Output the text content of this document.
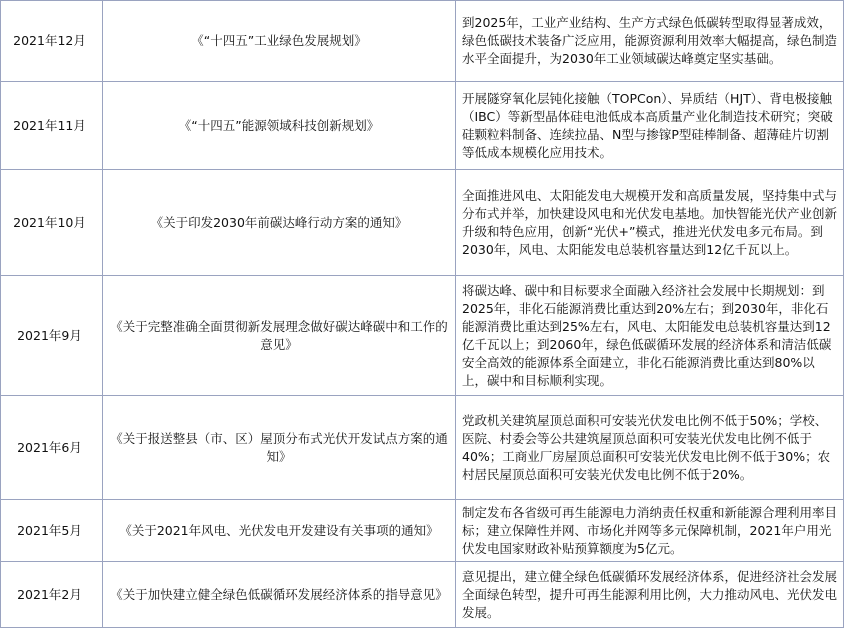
2021年12月	《“十四五”工业绿色发展规划》	到2025年，工业产业结构、生产方式绿色低碳转型取得显著成效，绿色低碳技术装备广泛应用，能源资源利用效率大幅提高，绿色制造水平全面提升，为2030年工业领域碳达峰奠定坚实基础。
2021年11月	《“十四五”能源领域科技创新规划》	开展隧穿氧化层钝化接触（TOPCon）、异质结（HJT）、背电极接触（IBC）等新型晶体硅电池低成本高质量产业化制造技术研究；突破硅颗粒料制备、连续拉晶、N型与掺镓P型硅棒制备、超薄硅片切割等低成本规模化应用技术。
2021年10月	《关于印发2030年前碳达峰行动方案的通知》	全面推进风电、太阳能发电大规模开发和高质量发展，坚持集中式与分布式并举，加快建设风电和光伏发电基地。加快智能光伏产业创新升级和特色应用，创新“光伏+”模式，推进光伏发电多元布局。到2030年，风电、太阳能发电总装机容量达到12亿千瓦以上。
2021年9月	《关于完整准确全面贯彻新发展理念做好碳达峰碳中和工作的意见》	将碳达峰、碳中和目标要求全面融入经济社会发展中长期规划：到2025年，非化石能源消费比重达到20%左右；到2030年，非化石能源消费比重达到25%左右，风电、太阳能发电总装机容量达到12亿千瓦以上；到2060年，绿色低碳循环发展的经济体系和清洁低碳安全高效的能源体系全面建立，非化石能源消费比重达到80%以上，碳中和目标顺利实现。
2021年6月	《关于报送整县（市、区）屋顶分布式光伏开发试点方案的通知》	党政机关建筑屋顶总面积可安装光伏发电比例不低于50%；学校、医院、村委会等公共建筑屋顶总面积可安装光伏发电比例不低于40%；工商业厂房屋顶总面积可安装光伏发电比例不低于30%；农村居民屋顶总面积可安装光伏发电比例不低于20%。
2021年5月	《关于2021年风电、光伏发电开发建设有关事项的通知》	制定发布各省级可再生能源电力消纳责任权重和新能源合理利用率目标；建立保障性并网、市场化并网等多元保障机制，2021年户用光伏发电国家财政补贴预算额度为5亿元。
2021年2月	《关于加快建立健全绿色低碳循环发展经济体系的指导意见》	意见提出，建立健全绿色低碳循环发展经济体系，促进经济社会发展全面绿色转型，提升可再生能源利用比例，大力推动风电、光伏发电发展。
